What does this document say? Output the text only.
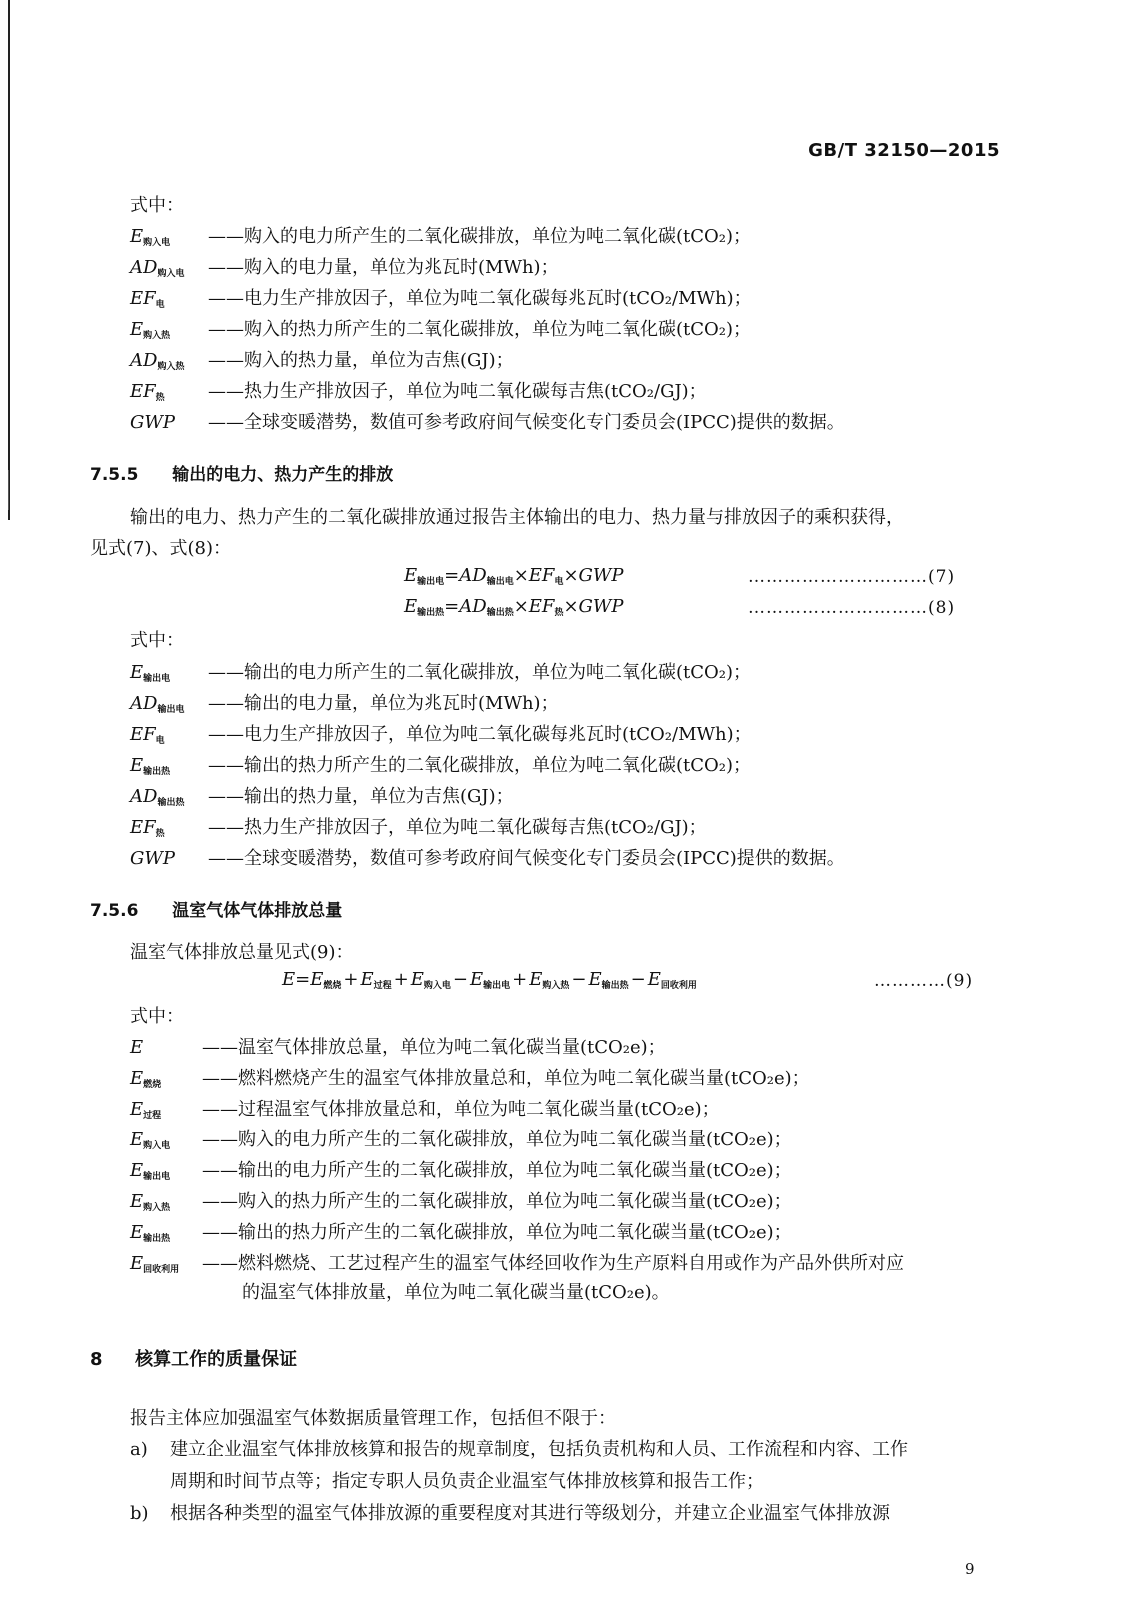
GB/T 32150—2015
式中：
$E_{购入电}$ ——购入的电力所产生的二氧化碳排放，单位为吨二氧化碳(tCO₂)；
$AD_{购入电}$ ——购入的电力量，单位为兆瓦时(MWh)；
$EF_电$ ——电力生产排放因子，单位为吨二氧化碳每兆瓦时(tCO₂/MWh)；
$E_{购入热}$ ——购入的热力所产生的二氧化碳排放，单位为吨二氧化碳(tCO₂)；
$AD_{购入热}$ ——购入的热力量，单位为吉焦(GJ)；
$EF_热$ ——热力生产排放因子，单位为吨二氧化碳每吉焦(tCO₂/GJ)；
GWP ——全球变暖潜势，数值可参考政府间气候变化专门委员会(IPCC)提供的数据。
7.5.5 输出的电力、热力产生的排放
输出的电力、热力产生的二氧化碳排放通过报告主体输出的电力、热力量与排放因子的乘积获得，
见式(7)、式(8)：
$E_{输出电}=AD_{输出电}\times EF_电\times GWP$	…………………………(7)
$E_{输出热}=AD_{输出热}\times EF_热\times GWP$	…………………………(8)
式中：
$E_{输出电}$ ——输出的电力所产生的二氧化碳排放，单位为吨二氧化碳(tCO₂)；
$AD_{输出电}$ ——输出的电力量，单位为兆瓦时(MWh)；
$EF_电$ ——电力生产排放因子，单位为吨二氧化碳每兆瓦时(tCO₂/MWh)；
$E_{输出热}$ ——输出的热力所产生的二氧化碳排放，单位为吨二氧化碳(tCO₂)；
$AD_{输出热}$ ——输出的热力量，单位为吉焦(GJ)；
$EF_热$ ——热力生产排放因子，单位为吨二氧化碳每吉焦(tCO₂/GJ)；
GWP ——全球变暖潜势，数值可参考政府间气候变化专门委员会(IPCC)提供的数据。
7.5.6 温室气体气体排放总量
温室气体排放总量见式(9)：
$E=E_{燃烧} + E_{过程} + E_{购入电} - E_{输出电} + E_{购入热} - E_{输出热} - E_{回收利用}$	…………(9)
式中：
E	——温室气体排放总量，单位为吨二氧化碳当量(tCO₂e)；
$E_{燃烧}$ ——燃料燃烧产生的温室气体排放量总和，单位为吨二氧化碳当量(tCO₂e)；
$E_{过程}$ ——过程温室气体排放量总和，单位为吨二氧化碳当量(tCO₂e)；
$E_{购入电}$ ——购入的电力所产生的二氧化碳排放，单位为吨二氧化碳当量(tCO₂e)；
$E_{输出电}$ ——输出的电力所产生的二氧化碳排放，单位为吨二氧化碳当量(tCO₂e)；
$E_{购入热}$ ——购入的热力所产生的二氧化碳排放，单位为吨二氧化碳当量(tCO₂e)；
$E_{输出热}$ ——输出的热力所产生的二氧化碳排放，单位为吨二氧化碳当量(tCO₂e)；
$E_{回收利用}$ ——燃料燃烧、工艺过程产生的温室气体经回收作为生产原料自用或作为产品外供所对应
的温室气体排放量，单位为吨二氧化碳当量(tCO₂e)。
8 核算工作的质量保证
报告主体应加强温室气体数据质量管理工作，包括但不限于：
a) 建立企业温室气体排放核算和报告的规章制度，包括负责机构和人员、工作流程和内容、工作
周期和时间节点等；指定专职人员负责企业温室气体排放核算和报告工作；
b) 根据各种类型的温室气体排放源的重要程度对其进行等级划分，并建立企业温室气体排放源
9
